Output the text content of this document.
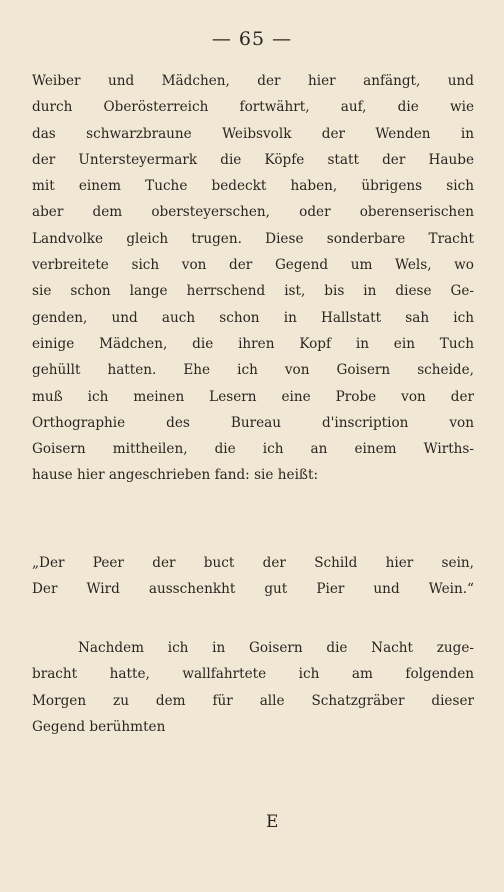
— 65 —
Weiber und Mädchen, der hier anfängt, und
durch Oberösterreich fortwährt, auf, die wie
das schwarzbraune Weibsvolk der Wenden in
der Untersteyermark die Köpfe statt der Haube
mit einem Tuche bedeckt haben, übrigens sich
aber dem obersteyerschen, oder oberenserischen
Landvolke gleich trugen. Diese sonderbare Tracht
verbreitete sich von der Gegend um Wels, wo
sie schon lange herrschend ist, bis in diese Ge-
genden, und auch schon in Hallstatt sah ich
einige Mädchen, die ihren Kopf in ein Tuch
gehüllt hatten. Ehe ich von Goisern scheide,
muß ich meinen Lesern eine Probe von der
Orthographie des Bureau d'inscription von
Goisern mittheilen, die ich an einem Wirths-
hause hier angeschrieben fand: sie heißt:
„Der Peer der buct der Schild hier sein,
Der Wird ausschenkht gut Pier und Wein.“
Nachdem ich in Goisern die Nacht zuge-
bracht hatte, wallfahrtete ich am folgenden
Morgen zu dem für alle Schatzgräber dieser
Gegend berühmten
E
